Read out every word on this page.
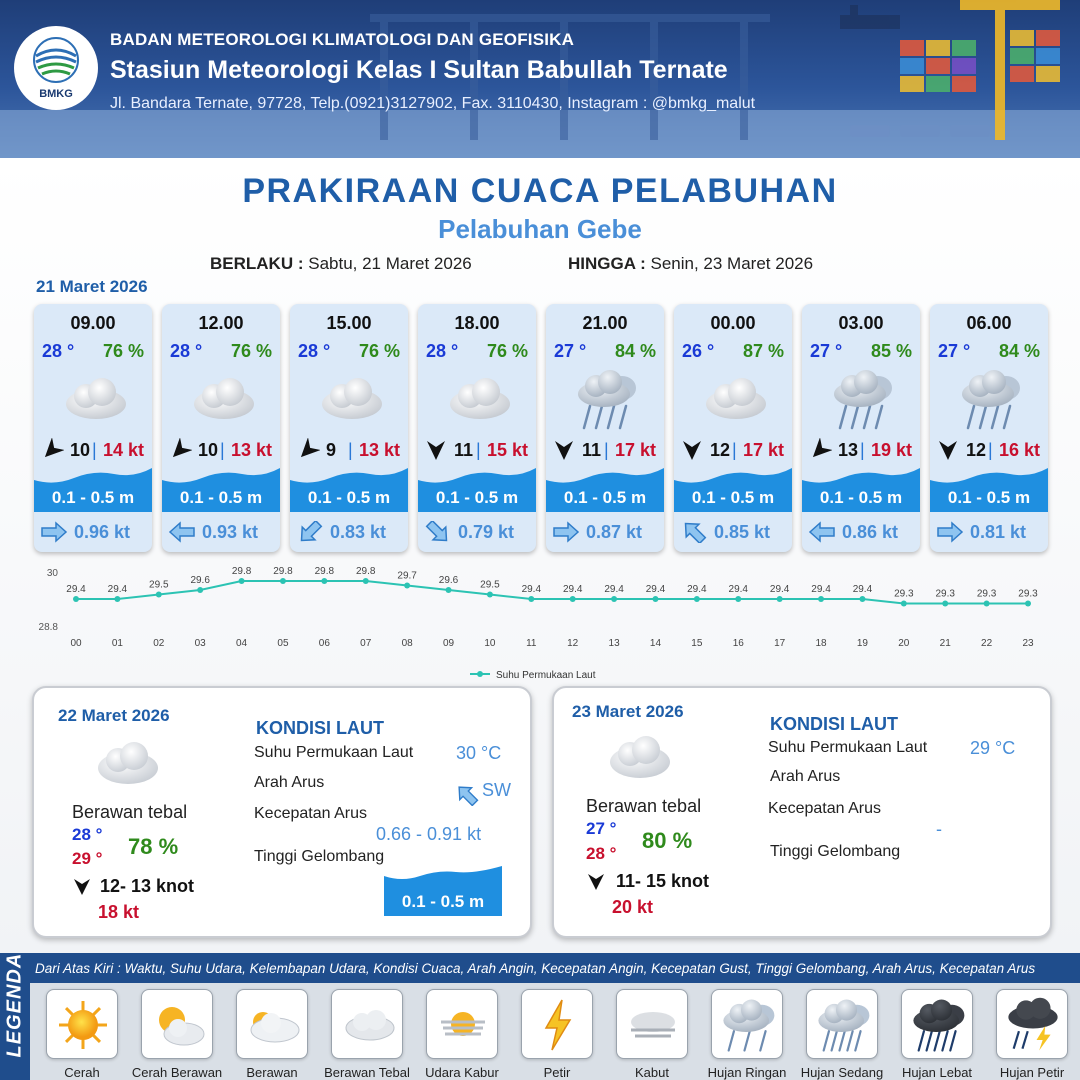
BMKG
BADAN METEOROLOGI KLIMATOLOGI DAN GEOFISIKA
Stasiun Meteorologi Kelas I Sultan Babullah Ternate
Jl. Bandara Ternate, 97728, Telp.(0921)3127902, Fax. 3110430, Instagram : @bmkg_malut
PRAKIRAAN CUACA PELABUHAN
Pelabuhan Gebe
BERLAKU : Sabtu, 21 Maret 2026	HINGGA : Senin, 23 Maret 2026
21 Maret 2026
09.00
28 ° 76 %
10 | 14 kt
0.1 - 0.5 m
0.96 kt
12.00
28 ° 76 %
10 | 13 kt
0.1 - 0.5 m
0.93 kt
15.00
28 ° 76 %
9 | 13 kt
0.1 - 0.5 m
0.83 kt
18.00
28 ° 76 %
11 | 15 kt
0.1 - 0.5 m
0.79 kt
21.00
27 ° 84 %
11 | 17 kt
0.1 - 0.5 m
0.87 kt
00.00
26 ° 87 %
12 | 17 kt
0.1 - 0.5 m
0.85 kt
03.00
27 ° 85 %
13 | 19 kt
0.1 - 0.5 m
0.86 kt
06.00
27 ° 84 %
12 | 16 kt
0.1 - 0.5 m
0.81 kt
30
28.8
29.4
00
29.4
01
29.5
02
29.6
03
29.8
04
29.8
05
29.8
06
29.8
07
29.7
08
29.6
09
29.5
10
29.4
11
29.4
12
29.4
13
29.4
14
29.4
15
29.4
16
29.4
17
29.4
18
29.4
19
29.3
20
29.3
21
29.3
22
29.3
23
Suhu Permukaan Laut
22 Maret 2026
Berawan tebal
28 °
29 ° 78 %
12- 13 knot
18 kt
KONDISI LAUT
Suhu Permukaan Laut 30 °C
Arah Arus	SW
Kecepatan Arus
0.66 - 0.91 kt
Tinggi Gelombang
0.1 - 0.5 m
23 Maret 2026
Berawan tebal
27 °
28 °
80 %
11- 15 knot
20 kt
KONDISI LAUT
Suhu Permukaan Laut 29 °C
Arah Arus
Kecepatan Arus
-
Tinggi Gelombang
LEGENDA Dari Atas Kiri : Waktu, Suhu Udara, Kelembapan Udara, Kondisi Cuaca, Arah Angin, Kecepatan Angin, Kecepatan Gust, Tinggi Gelombang, Arah Arus, Kecepatan Arus
Cerah	Cerah Berawan	Berawan	Berawan Tebal	Udara Kabur	Petir	Kabut	Hujan Ringan	Hujan Sedang	Hujan Lebat	Hujan Petir
